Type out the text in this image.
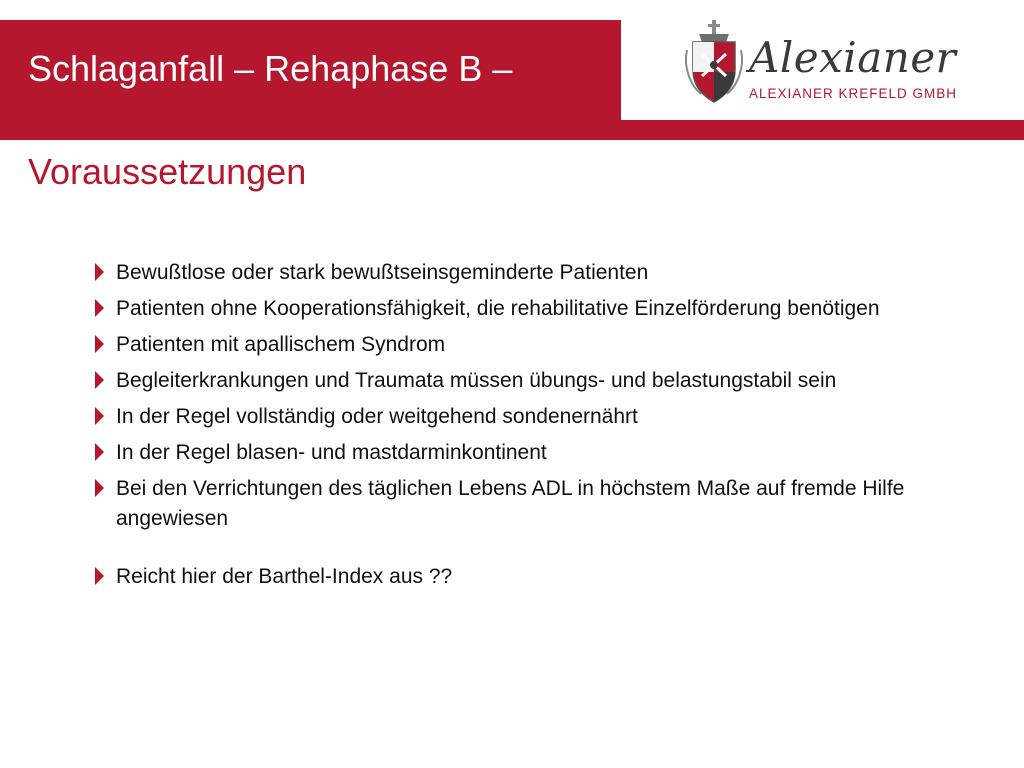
Schlaganfall – Rehaphase B –	Alexianer
ALEXIANER KREFELD GMBH
Voraussetzungen
Bewußtlose oder stark bewußtseinsgeminderte Patienten
Patienten ohne Kooperationsfähigkeit, die rehabilitative Einzelförderung benötigen
Patienten mit apallischem Syndrom
Begleiterkrankungen und Traumata müssen übungs- und belastungstabil sein
In der Regel vollständig oder weitgehend sondenernährt
In der Regel blasen- und mastdarminkontinent
Bei den Verrichtungen des täglichen Lebens ADL in höchstem Maße auf fremde Hilfe angewiesen
Reicht hier der Barthel-Index aus ??
